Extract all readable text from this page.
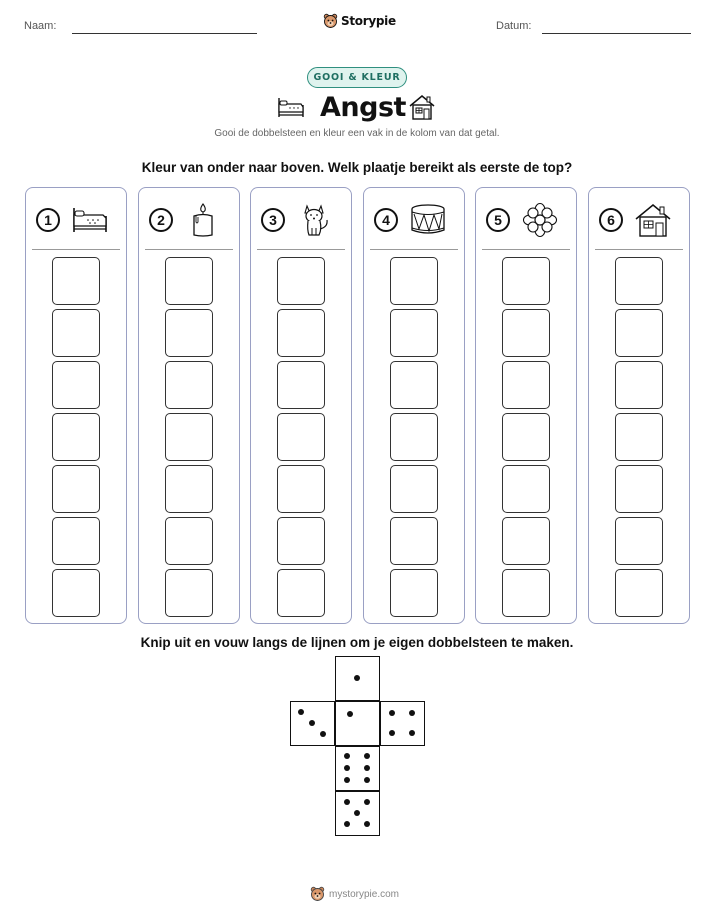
Naam:	Storypie	Datum:
GOOI & KLEUR
Angst
Gooi de dobbelsteen en kleur een vak in de kolom van dat getal.
Kleur van onder naar boven. Welk plaatje bereikt als eerste de top?
1	2	3	4	5	6
Knip uit en vouw langs de lijnen om je eigen dobbelsteen te maken.
mystorypie.com
